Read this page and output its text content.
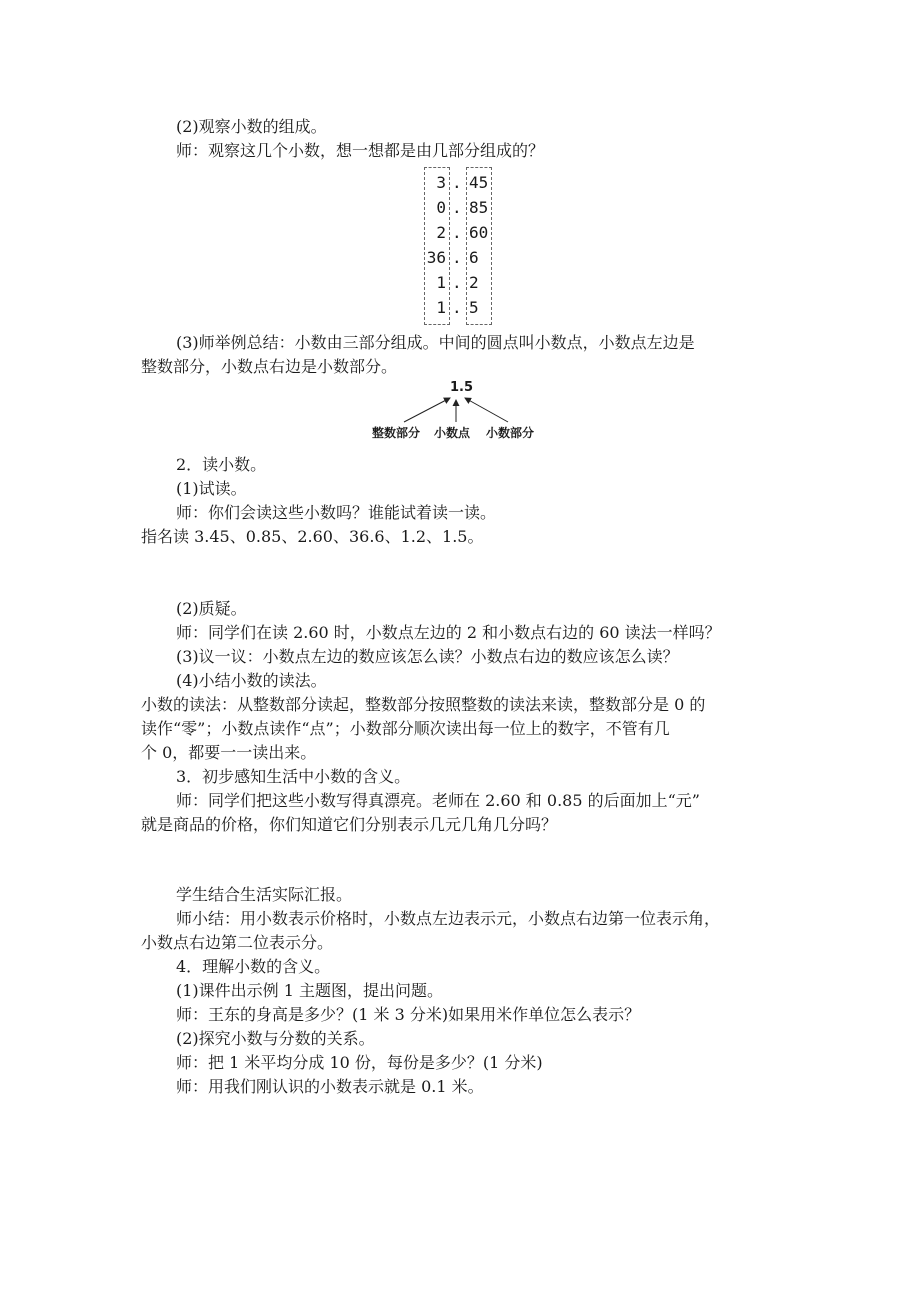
(2)观察小数的组成。
师：观察这几个小数，想一想都是由几部分组成的？
3 . 45
0 . 85
2 . 60
36 . 6
1 . 2
1 . 5
(3)师举例总结：小数由三部分组成。中间的圆点叫小数点，小数点左边是
整数部分，小数点右边是小数部分。
1.5
整数部分 小数点 小数部分
2．读小数。
(1)试读。
师：你们会读这些小数吗？谁能试着读一读。
指名读 3.45、0.85、2.60、36.6、1.2、1.5。
(2)质疑。
师：同学们在读 2.60 时，小数点左边的 2 和小数点右边的 60 读法一样吗？
(3)议一议：小数点左边的数应该怎么读？小数点右边的数应该怎么读？
(4)小结小数的读法。
小数的读法：从整数部分读起，整数部分按照整数的读法来读，整数部分是 0 的
读作“零”；小数点读作“点”；小数部分顺次读出每一位上的数字，不管有几
个 0，都要一一读出来。
3．初步感知生活中小数的含义。
师：同学们把这些小数写得真漂亮。老师在 2.60 和 0.85 的后面加上“元”
就是商品的价格，你们知道它们分别表示几元几角几分吗？
学生结合生活实际汇报。
师小结：用小数表示价格时，小数点左边表示元，小数点右边第一位表示角，
小数点右边第二位表示分。
4．理解小数的含义。
(1)课件出示例 1 主题图，提出问题。
师：王东的身高是多少？(1 米 3 分米)如果用米作单位怎么表示？
(2)探究小数与分数的关系。
师：把 1 米平均分成 10 份，每份是多少？(1 分米)
师：用我们刚认识的小数表示就是 0.1 米。
